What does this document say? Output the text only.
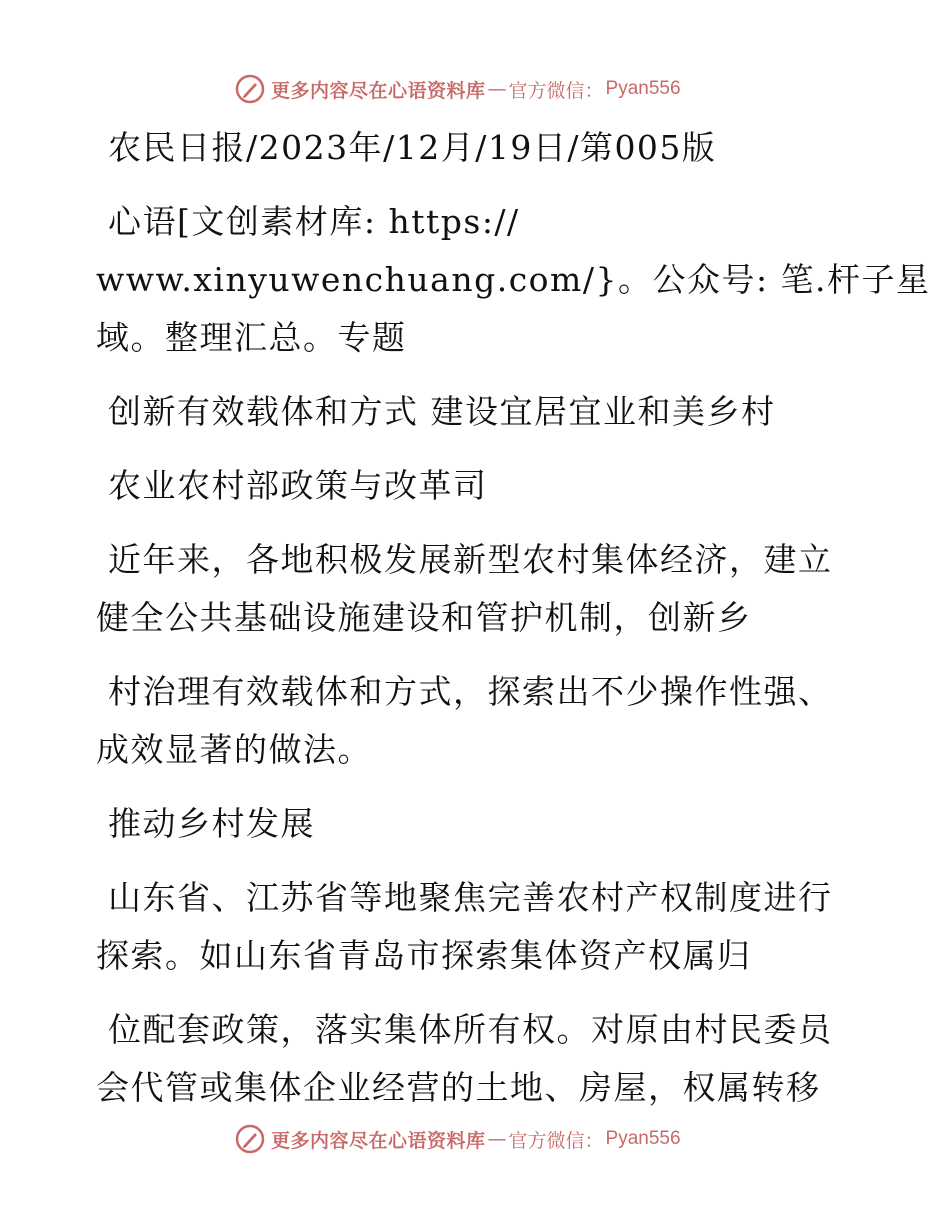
更多内容尽在心语资料库 — 官方微信： Pyan556
农民日报/2023年/12月/19日/第005版
心语[文创素材库: https://
www.xinyuwenchuang.com/}。公众号: 笔.杆子星
域。整理汇总。专题
创新有效载体和方式 建设宜居宜业和美乡村
农业农村部政策与改革司
近年来，各地积极发展新型农村集体经济，建立
健全公共基础设施建设和管护机制，创新乡
村治理有效载体和方式，探索出不少操作性强、
成效显著的做法。
推动乡村发展
山东省、江苏省等地聚焦完善农村产权制度进行
探索。如山东省青岛市探索集体资产权属归
位配套政策，落实集体所有权。对原由村民委员
会代管或集体企业经营的土地、房屋，权属转移
更多内容尽在心语资料库 — 官方微信： Pyan556
